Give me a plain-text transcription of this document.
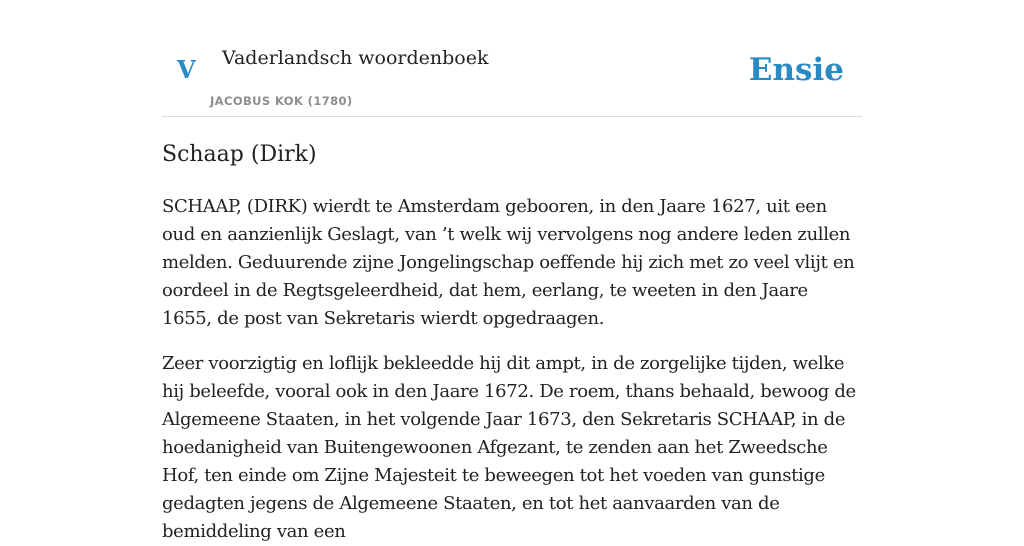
V Vaderlandsch woordenboek
JACOBUS KOK (1780)
Ensie
Schaap (Dirk)

SCHAAP, (DIRK) wierdt te Amsterdam gebooren, in den Jaare 1627, uit een oud en aanzienlijk Geslagt, van ’t welk wij vervolgens nog andere leden zullen melden. Geduurende zijne Jongelingschap oeffende hij zich met zo veel vlijt en oordeel in de Regtsgeleerdheid, dat hem, eerlang, te weeten in den Jaare 1655, de post van Sekretaris wierdt opgedraagen.

Zeer voorzigtig en loflijk bekleedde hij dit ampt, in de zorgelijke tijden, welke hij beleefde, vooral ook in den Jaare 1672. De roem, thans behaald, bewoog de Algemeene Staaten, in het volgende Jaar 1673, den Sekretaris SCHAAP, in de hoedanigheid van Buitengewoonen Afgezant, te zenden aan het Zweedsche Hof, ten einde om Zijne Majesteit te beweegen tot het voeden van gunstige gedagten jegens de Algemeene Staaten, en tot het aanvaarden van de bemiddeling van een
